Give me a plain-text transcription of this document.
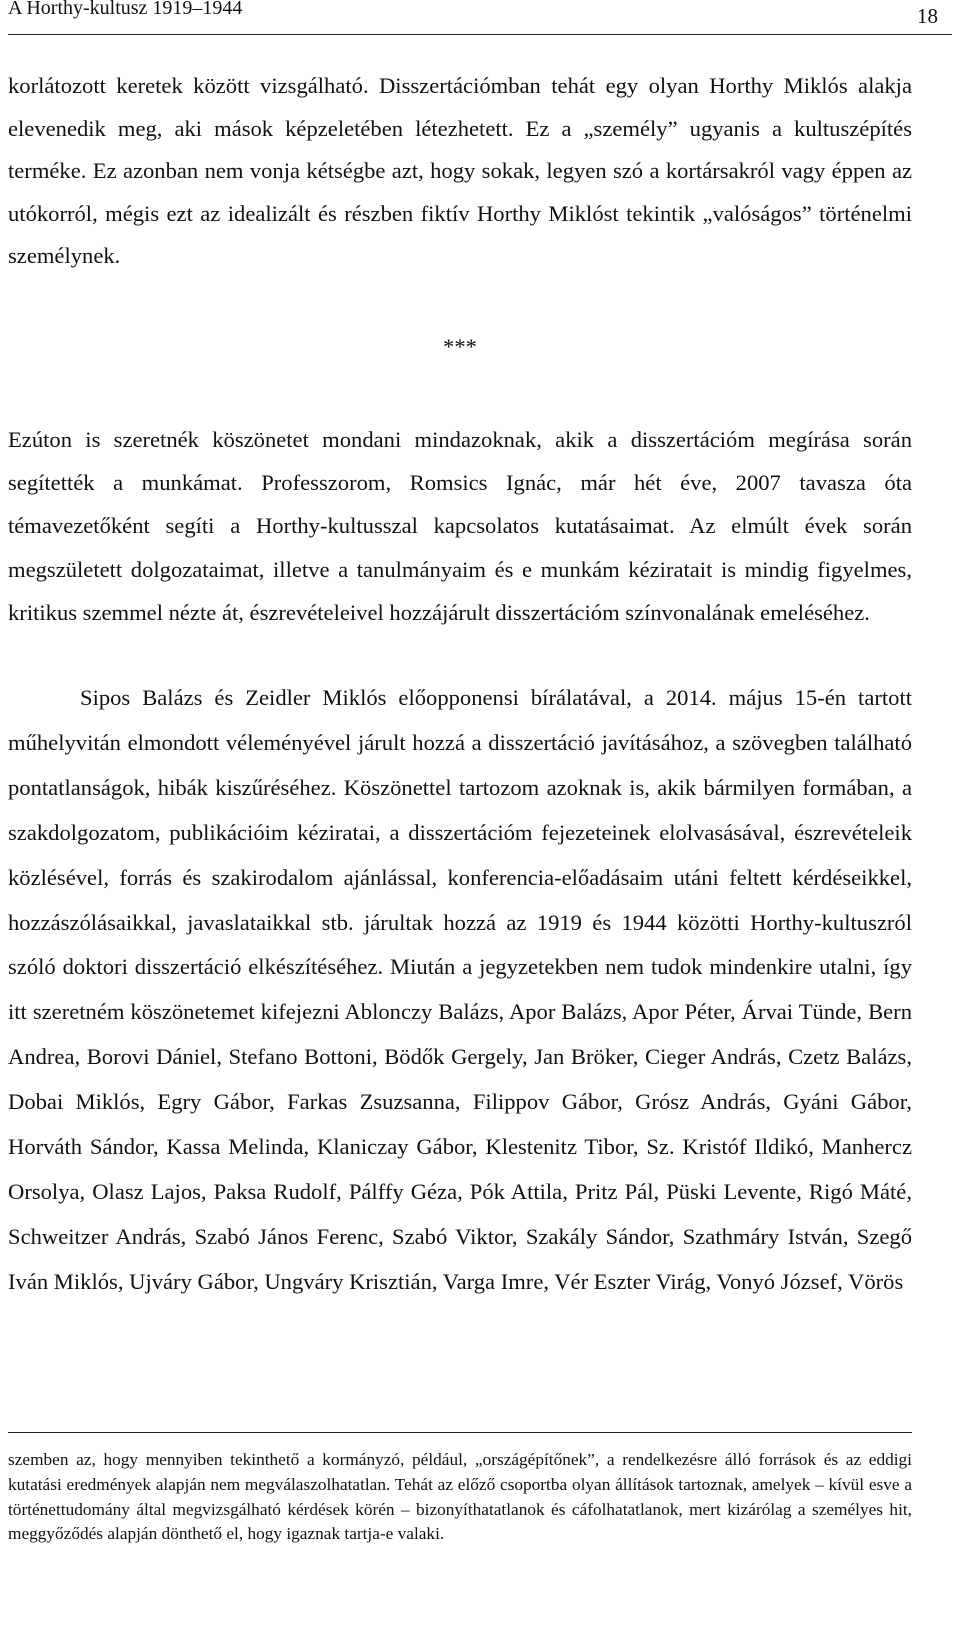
A Horthy-kultusz 1919–1944	18

korlátozott keretek között vizsgálható. Disszertációmban tehát egy olyan Horthy Miklós alakja elevenedik meg, aki mások képzeletében létezhetett. Ez a „személy” ugyanis a kultuszépítés terméke. Ez azonban nem vonja kétségbe azt, hogy sokak, legyen szó a kortársakról vagy éppen az utókorról, mégis ezt az idealizált és részben fiktív Horthy Miklóst tekintik „valóságos” történelmi személynek.

***

Ezúton is szeretnék köszönetet mondani mindazoknak, akik a disszertációm megírása során segítették a munkámat. Professzorom, Romsics Ignác, már hét éve, 2007 tavasza óta témavezetőként segíti a Horthy-kultusszal kapcsolatos kutatásaimat. Az elmúlt évek során megszületett dolgozataimat, illetve a tanulmányaim és e munkám kéziratait is mindig figyelmes, kritikus szemmel nézte át, észrevételeivel hozzájárult disszertációm színvonalának emeléséhez.

Sipos Balázs és Zeidler Miklós előopponensi bírálatával, a 2014. május 15-én tartott műhelyvitán elmondott véleményével járult hozzá a disszertáció javításához, a szövegben található pontatlanságok, hibák kiszűréséhez. Köszönettel tartozom azoknak is, akik bármilyen formában, a szakdolgozatom, publikációim kéziratai, a disszertációm fejezeteinek elolvasásával, észrevételeik közlésével, forrás és szakirodalom ajánlással, konferencia-előadásaim utáni feltett kérdéseikkel, hozzászólásaikkal, javaslataikkal stb. járultak hozzá az 1919 és 1944 közötti Horthy-kultuszról szóló doktori disszertáció elkészítéséhez. Miután a jegyzetekben nem tudok mindenkire utalni, így itt szeretném köszönetemet kifejezni Ablonczy Balázs, Apor Balázs, Apor Péter, Árvai Tünde, Bern Andrea, Borovi Dániel, Stefano Bottoni, Bödők Gergely, Jan Bröker, Cieger András, Czetz Balázs, Dobai Miklós, Egry Gábor, Farkas Zsuzsanna, Filippov Gábor, Grósz András, Gyáni Gábor, Horváth Sándor, Kassa Melinda, Klaniczay Gábor, Klestenitz Tibor, Sz. Kristóf Ildikó, Manhercz Orsolya, Olasz Lajos, Paksa Rudolf, Pálffy Géza, Pók Attila, Pritz Pál, Püski Levente, Rigó Máté, Schweitzer András, Szabó János Ferenc, Szabó Viktor, Szakály Sándor, Szathmáry István, Szegő Iván Miklós, Ujváry Gábor, Ungváry Krisztián, Varga Imre, Vér Eszter Virág, Vonyó József, Vörös

szemben az, hogy mennyiben tekinthető a kormányzó, például, „országépítőnek”, a rendelkezésre álló források és az eddigi kutatási eredmények alapján nem megválaszolhatatlan. Tehát az előző csoportba olyan állítások tartoznak, amelyek – kívül esve a történettudomány által megvizsgálható kérdések körén – bizonyíthatatlanok és cáfolhatatlanok, mert kizárólag a személyes hit, meggyőződés alapján dönthető el, hogy igaznak tartja-e valaki.
